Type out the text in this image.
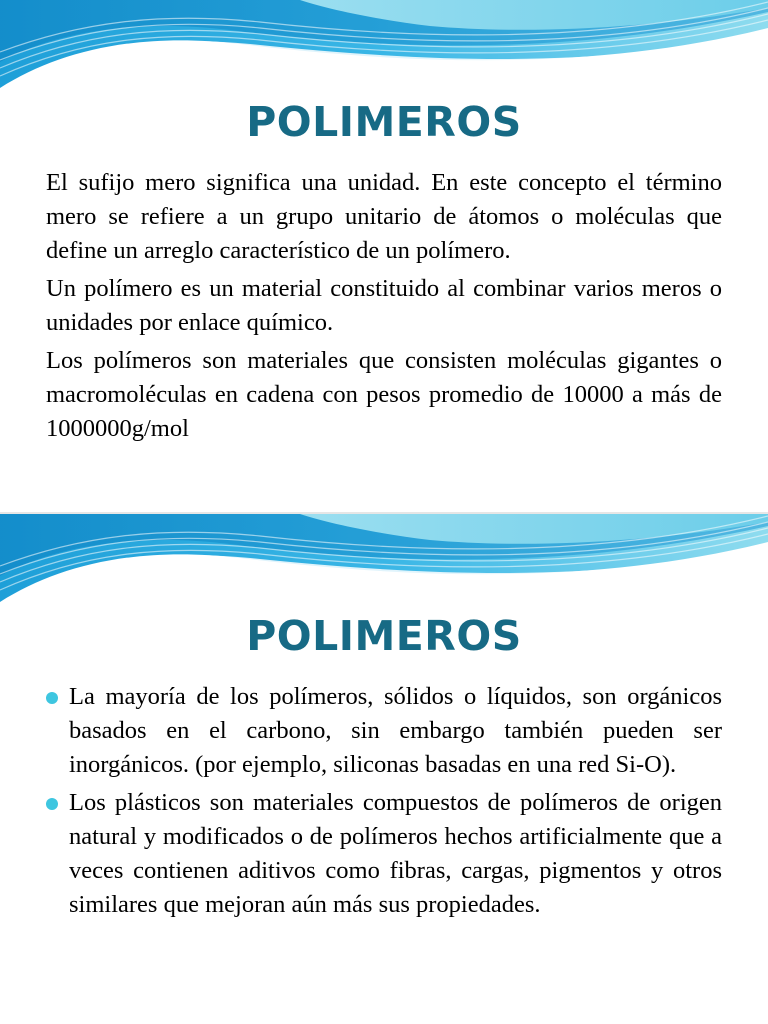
POLIMEROS

El sufijo mero significa una unidad. En este concepto el término mero se refiere a un grupo unitario de átomos o moléculas que define un arreglo característico de un polímero.

Un polímero es un material constituido al combinar varios meros o unidades por enlace químico.

Los polímeros son materiales que consisten moléculas gigantes o macromoléculas en cadena con pesos promedio de 10000 a más de 1000000g/mol

POLIMEROS
La mayoría de los polímeros, sólidos o líquidos, son orgánicos basados en el carbono, sin embargo también pueden ser inorgánicos. (por ejemplo, siliconas basadas en una red Si-O).
Los plásticos son materiales compuestos de polímeros de origen natural y modificados o de polímeros hechos artificialmente que a veces contienen aditivos como fibras, cargas, pigmentos y otros similares que mejoran aún más sus propiedades.
